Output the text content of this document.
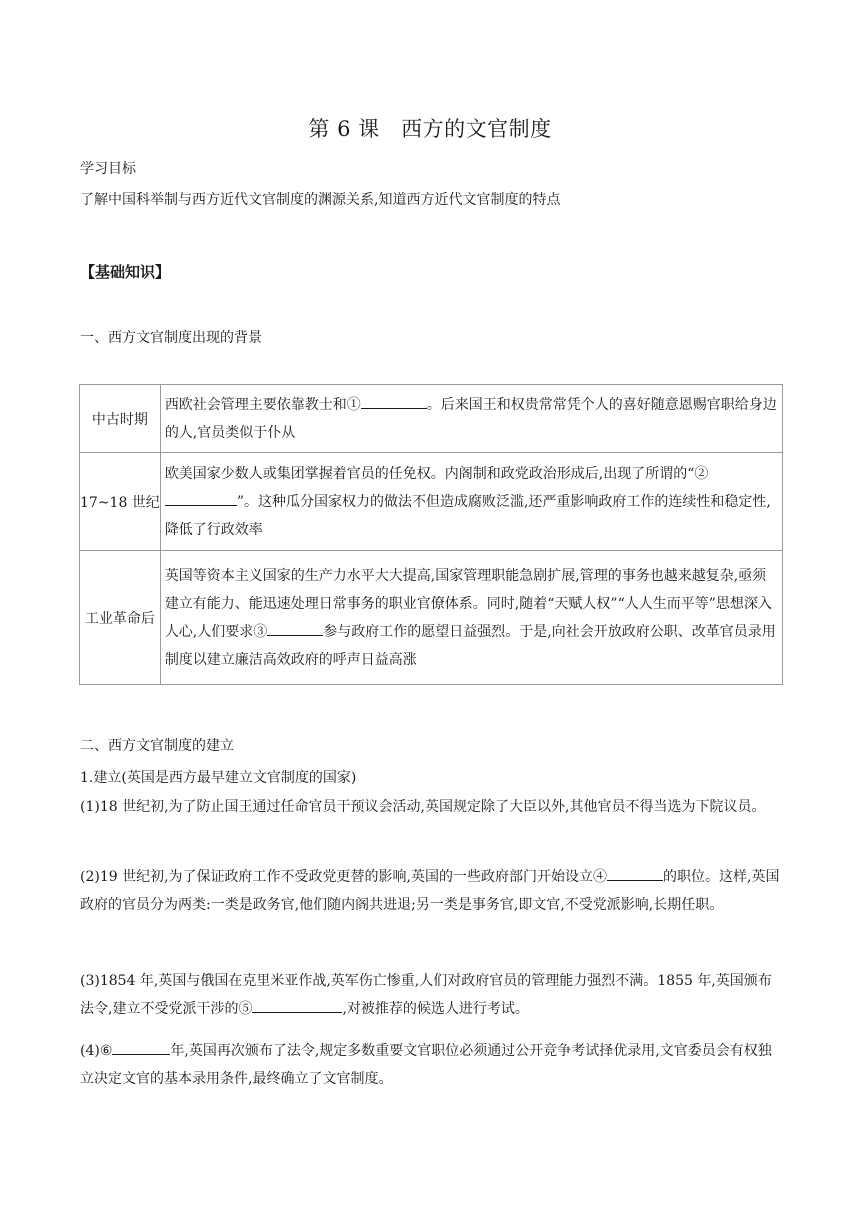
第 6 课　西方的文官制度
学习目标
了解中国科举制与西方近代文官制度的渊源关系,知道西方近代文官制度的特点
【基础知识】
一、西方文官制度出现的背景
中古时期	西欧社会管理主要依靠教士和① 。后来国王和权贵常常凭个人的喜好随意恩赐官职给身边的人,官员类似于仆从
17~18 世纪	欧美国家少数人或集团掌握着官员的任免权。内阁制和政党政治形成后,出现了所谓的“②”。这种瓜分国家权力的做法不但造成腐败泛滥,还严重影响政府工作的连续性和稳定性,降低了行政效率
工业革命后	英国等资本主义国家的生产力水平大大提高,国家管理职能急剧扩展,管理的事务也越来越复杂,亟须建立有能力、能迅速处理日常事务的职业官僚体系。同时,随着“天赋人权”“人人生而平等”思想深入人心,人们要求③ 参与政府工作的愿望日益强烈。于是,向社会开放政府公职、改革官员录用制度以建立廉洁高效政府的呼声日益高涨
二、西方文官制度的建立
1.建立(英国是西方最早建立文官制度的国家)
(1)18 世纪初,为了防止国王通过任命官员干预议会活动,英国规定除了大臣以外,其他官员不得当选为下院议员。
(2)19 世纪初,为了保证政府工作不受政党更替的影响,英国的一些政府部门开始设立④	的职位。这样,英国政府的官员分为两类:一类是政务官,他们随内阁共进退;另一类是事务官,即文官,不受党派影响,长期任职。
(3)1854 年,英国与俄国在克里米亚作战,英军伤亡惨重,人们对政府官员的管理能力强烈不满。1855 年,英国颁布法令,建立不受党派干涉的⑤	,对被推荐的候选人进行考试。
(4)⑥	年,英国再次颁布了法令,规定多数重要文官职位必须通过公开竞争考试择优录用,文官委员会有权独立决定文官的基本录用条件,最终确立了文官制度。
